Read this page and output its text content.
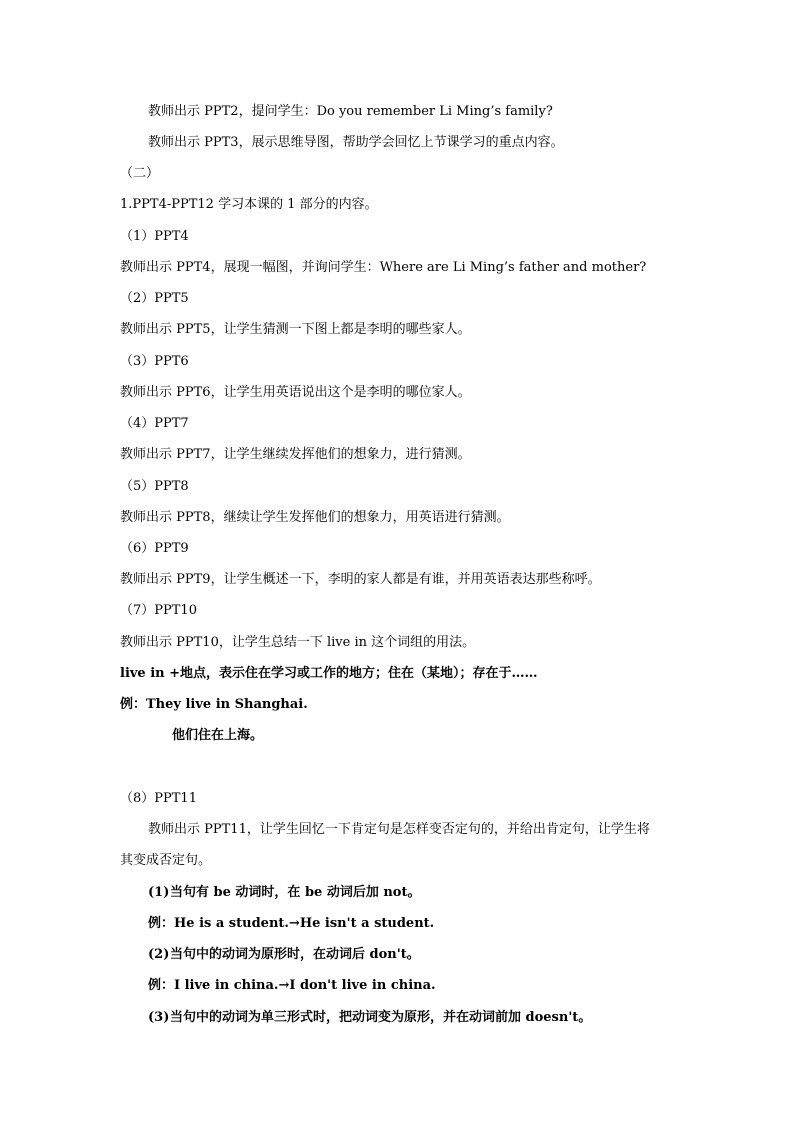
教师出示 PPT2，提问学生：Do you remember Li Ming’s family?
教师出示 PPT3，展示思维导图，帮助学会回忆上节课学习的重点内容。
（二）
1.PPT4-PPT12 学习本课的 1 部分的内容。
（1）PPT4
教师出示 PPT4，展现一幅图，并询问学生：Where are Li Ming’s father and mother?
（2）PPT5
教师出示 PPT5，让学生猜测一下图上都是李明的哪些家人。
（3）PPT6
教师出示 PPT6，让学生用英语说出这个是李明的哪位家人。
（4）PPT7
教师出示 PPT7，让学生继续发挥他们的想象力，进行猜测。
（5）PPT8
教师出示 PPT8，继续让学生发挥他们的想象力，用英语进行猜测。
（6）PPT9
教师出示 PPT9，让学生概述一下，李明的家人都是有谁，并用英语表达那些称呼。
（7）PPT10
教师出示 PPT10，让学生总结一下 live in 这个词组的用法。
live in +地点，表示住在学习或工作的地方；住在（某地）；存在于……
例：They live in Shanghai.
他们住在上海。
（8）PPT11
教师出示 PPT11，让学生回忆一下肯定句是怎样变否定句的，并给出肯定句，让学生将
其变成否定句。
(1)当句有 be 动词时，在 be 动词后加 not。
例：He is a student.→He isn't a student.
(2)当句中的动词为原形时，在动词后 don't。
例：I live in china.→I don't live in china.
(3)当句中的动词为单三形式时，把动词变为原形，并在动词前加 doesn't。
